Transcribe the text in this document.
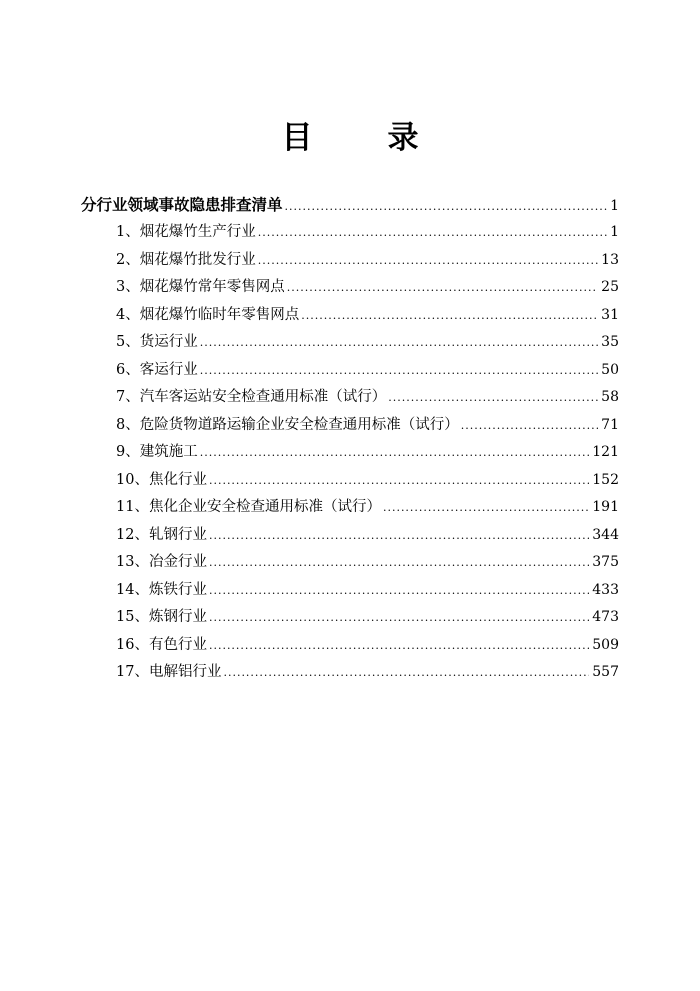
目　录
分行业领域事故隐患排查清单 .....	1
1、烟花爆竹生产行业 .....	1
2、烟花爆竹批发行业 .....	13
3、烟花爆竹常年零售网点 .....	25
4、烟花爆竹临时年零售网点 .....	31
5、货运行业 .....	35
6、客运行业 .....	50
7、汽车客运站安全检查通用标准（试行） .....	58
8、危险货物道路运输企业安全检查通用标准（试行） .....	71
9、建筑施工 .....	121
10、焦化行业 .....	152
11、焦化企业安全检查通用标准（试行） .....	191
12、轧钢行业 .....	344
13、冶金行业 .....	375
14、炼铁行业 .....	433
15、炼钢行业 .....	473
16、有色行业 .....	509
17、电解铝行业 .....	557
